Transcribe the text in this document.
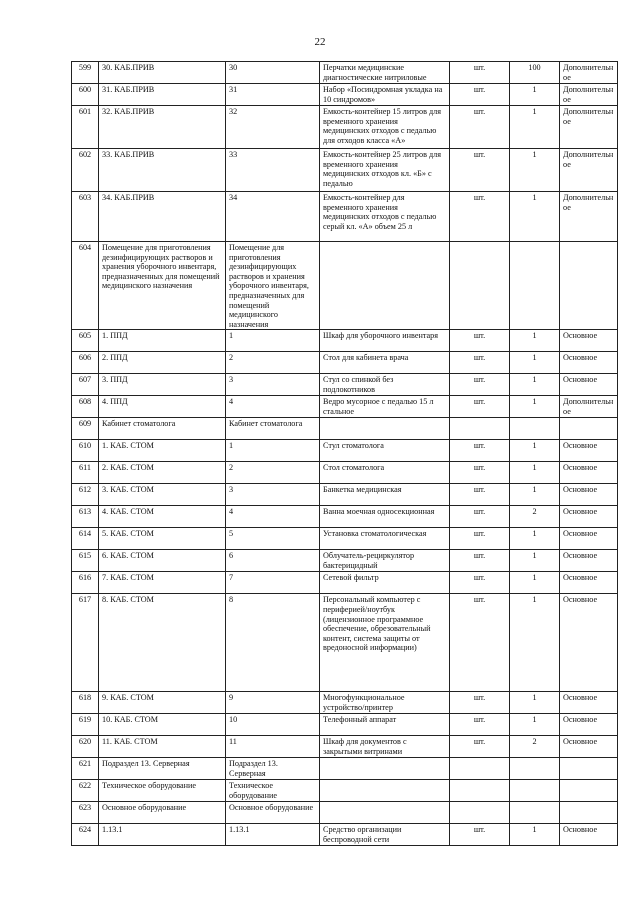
22
599	30. КАБ.ПРИВ	30	Перчатки медицинские диагностические нитриловые	шт.	100	Дополнительное
600	31. КАБ.ПРИВ	31	Набор «Посиндромная укладка на 10 синдромов»	шт.	1	Дополнительное
601	32. КАБ.ПРИВ	32	Емкость-контейнер 15 литров для временного хранения медицинских отходов с педалью для отходов класса «А»	шт.	1	Дополнительное
602	33. КАБ.ПРИВ	33	Емкость-контейнер 25 литров для временного хранения медицинских отходов кл. «Б» с педалью	шт.	1	Дополнительное
603	34. КАБ.ПРИВ	34	Емкость-контейнер для временного хранения медицинских отходов с педалью серый кл. «А» объем 25 л	шт.	1	Дополнительное
604	Помещение для приготовления дезинфицирующих растворов и хранения уборочного инвентаря, предназначенных для помещений медицинского назначения	Помещение для приготовления дезинфицирующих растворов и хранения уборочного инвентаря, предназначенных для помещений медицинского назначения				
605	1. ППД	1	Шкаф для уборочного инвентаря	шт.	1	Основное
606	2. ППД	2	Стол для кабинета врача	шт.	1	Основное
607	3. ППД	3	Стул со спинкой без подлокотников	шт.	1	Основное
608	4. ППД	4	Ведро мусорное с педалью 15 л стальное	шт.	1	Дополнительное
609	Кабинет стоматолога	Кабинет стоматолога				
610	1. КАБ. СТОМ	1	Стул стоматолога	шт.	1	Основное
611	2. КАБ. СТОМ	2	Стол стоматолога	шт.	1	Основное
612	3. КАБ. СТОМ	3	Банкетка медицинская	шт.	1	Основное
613	4. КАБ. СТОМ	4	Ванна моечная односекционная	шт.	2	Основное
614	5. КАБ. СТОМ	5	Установка стоматологическая	шт.	1	Основное
615	6. КАБ. СТОМ	6	Облучатель-рециркулятор бактерицидный	шт.	1	Основное
616	7. КАБ. СТОМ	7	Сетевой фильтр	шт.	1	Основное
617	8. КАБ. СТОМ	8	Персональный компьютер с периферией/ноутбук (лицензионное программное обеспечение, обрезовательный контент, система защиты от вредоносной информации)	шт.	1	Основное
618	9. КАБ. СТОМ	9	Многофункциональное устройство/принтер	шт.	1	Основное
619	10. КАБ. СТОМ	10	Телефонный аппарат	шт.	1	Основное
620	11. КАБ. СТОМ	11	Шкаф для документов с закрытыми витринами	шт.	2	Основное
621	Подраздел 13. Серверная	Подраздел 13. Серверная				
622	Техническое оборудование	Техническое оборудование				
623	Основное оборудование	Основное оборудование				
624	1.13.1	1.13.1	Средство организации беспроводной сети	шт.	1	Основное
